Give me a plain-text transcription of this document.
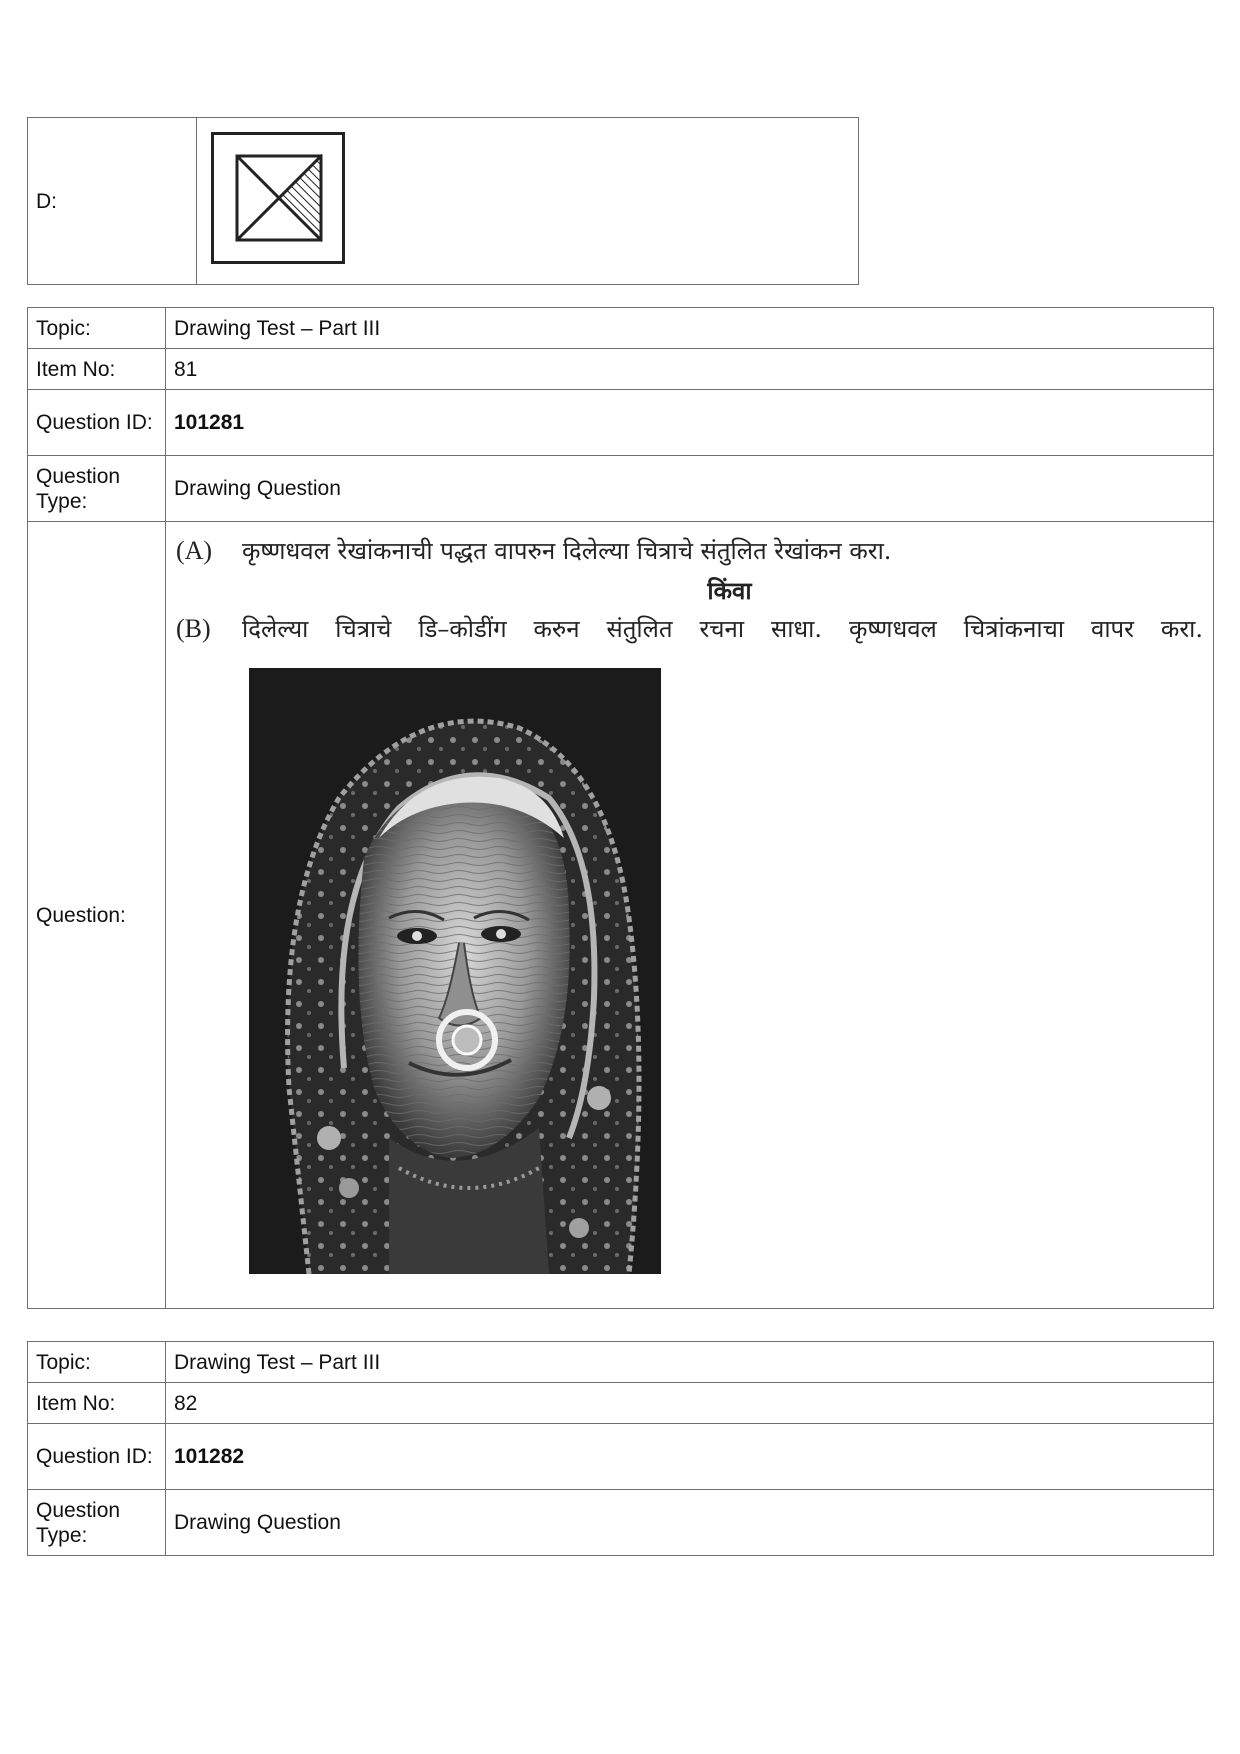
D:	
Topic:	Drawing Test – Part III
Item No:	81
Question ID:	101281
Question Type:	Drawing Question
Question:	(A) कृष्णधवल रेखांकनाची पद्धत वापरुन दिलेल्या चित्राचे संतुलित रेखांकन करा.
किंवा
(B) दिलेल्या चित्राचे डि–कोडींग करुन संतुलित रचना साधा. कृष्णधवल चित्रांकनाचा वापर करा.
Topic:	Drawing Test – Part III
Item No:	82
Question ID:	101282
Question Type:	Drawing Question
